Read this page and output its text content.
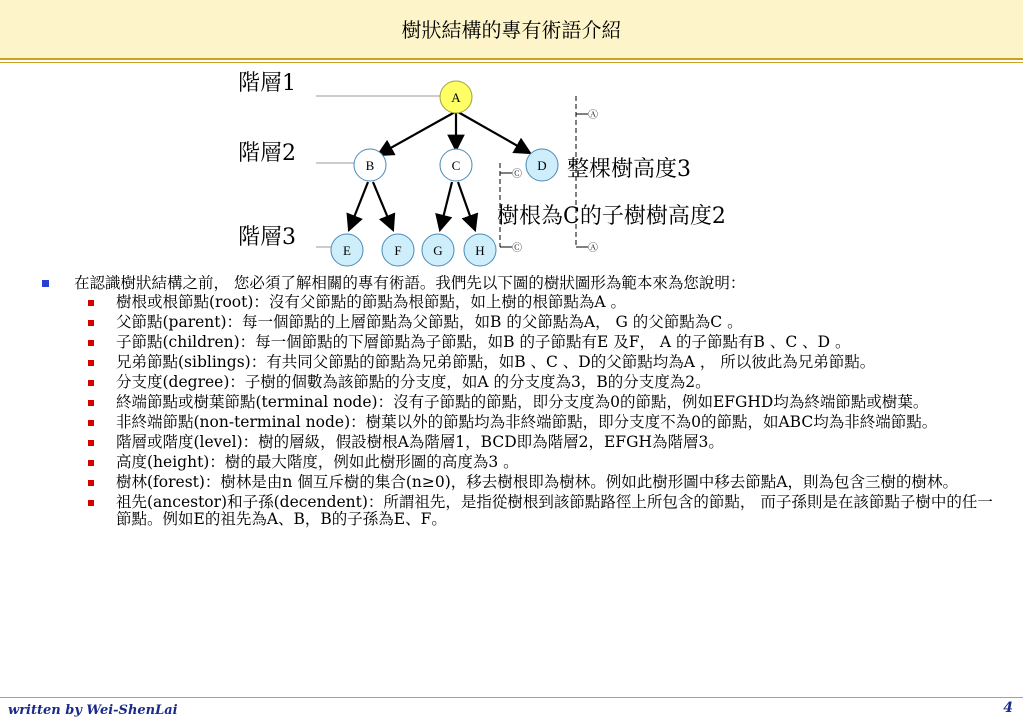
樹狀結構的專有術語介紹
階層1
階層2
階層3
A
B	C	D
E	F G	H
Ⓐ
Ⓒ
Ⓒ	Ⓐ
整棵樹高度3
樹根為C的子樹樹高度2
在認識樹狀結構之前， 您必須了解相關的專有術語。我們先以下圖的樹狀圖形為範本來為您說明：
樹根或根節點(root)：沒有父節點的節點為根節點，如上樹的根節點為A 。
父節點(parent)：每一個節點的上層節點為父節點，如B 的父節點為A， G 的父節點為C 。
子節點(children)：每一個節點的下層節點為子節點，如B 的子節點有E 及F， A 的子節點有B 、C 、D 。
兄弟節點(siblings)：有共同父節點的節點為兄弟節點，如B 、C 、D的父節點均為A ， 所以彼此為兄弟節點。
分支度(degree)：子樹的個數為該節點的分支度，如A 的分支度為3，B的分支度為2。
終端節點或樹葉節點(terminal node)：沒有子節點的節點，即分支度為0的節點，例如EFGHD均為終端節點或樹葉。
非終端節點(non-terminal node)：樹葉以外的節點均為非終端節點，即分支度不為0的節點，如ABC均為非終端節點。
階層或階度(level)：樹的層級，假設樹根A為階層1，BCD即為階層2，EFGH為階層3。
高度(height)：樹的最大階度，例如此樹形圖的高度為3 。
樹林(forest)：樹林是由n 個互斥樹的集合(n≥0)，移去樹根即為樹林。例如此樹形圖中移去節點A，則為包含三樹的樹林。
祖先(ancestor)和子孫(decendent)：所謂祖先，是指從樹根到該節點路徑上所包含的節點， 而子孫則是在該節點子樹中的任一節點。例如E的祖先為A、B，B的子孫為E、F。
written by Wei-ShenLai	4
